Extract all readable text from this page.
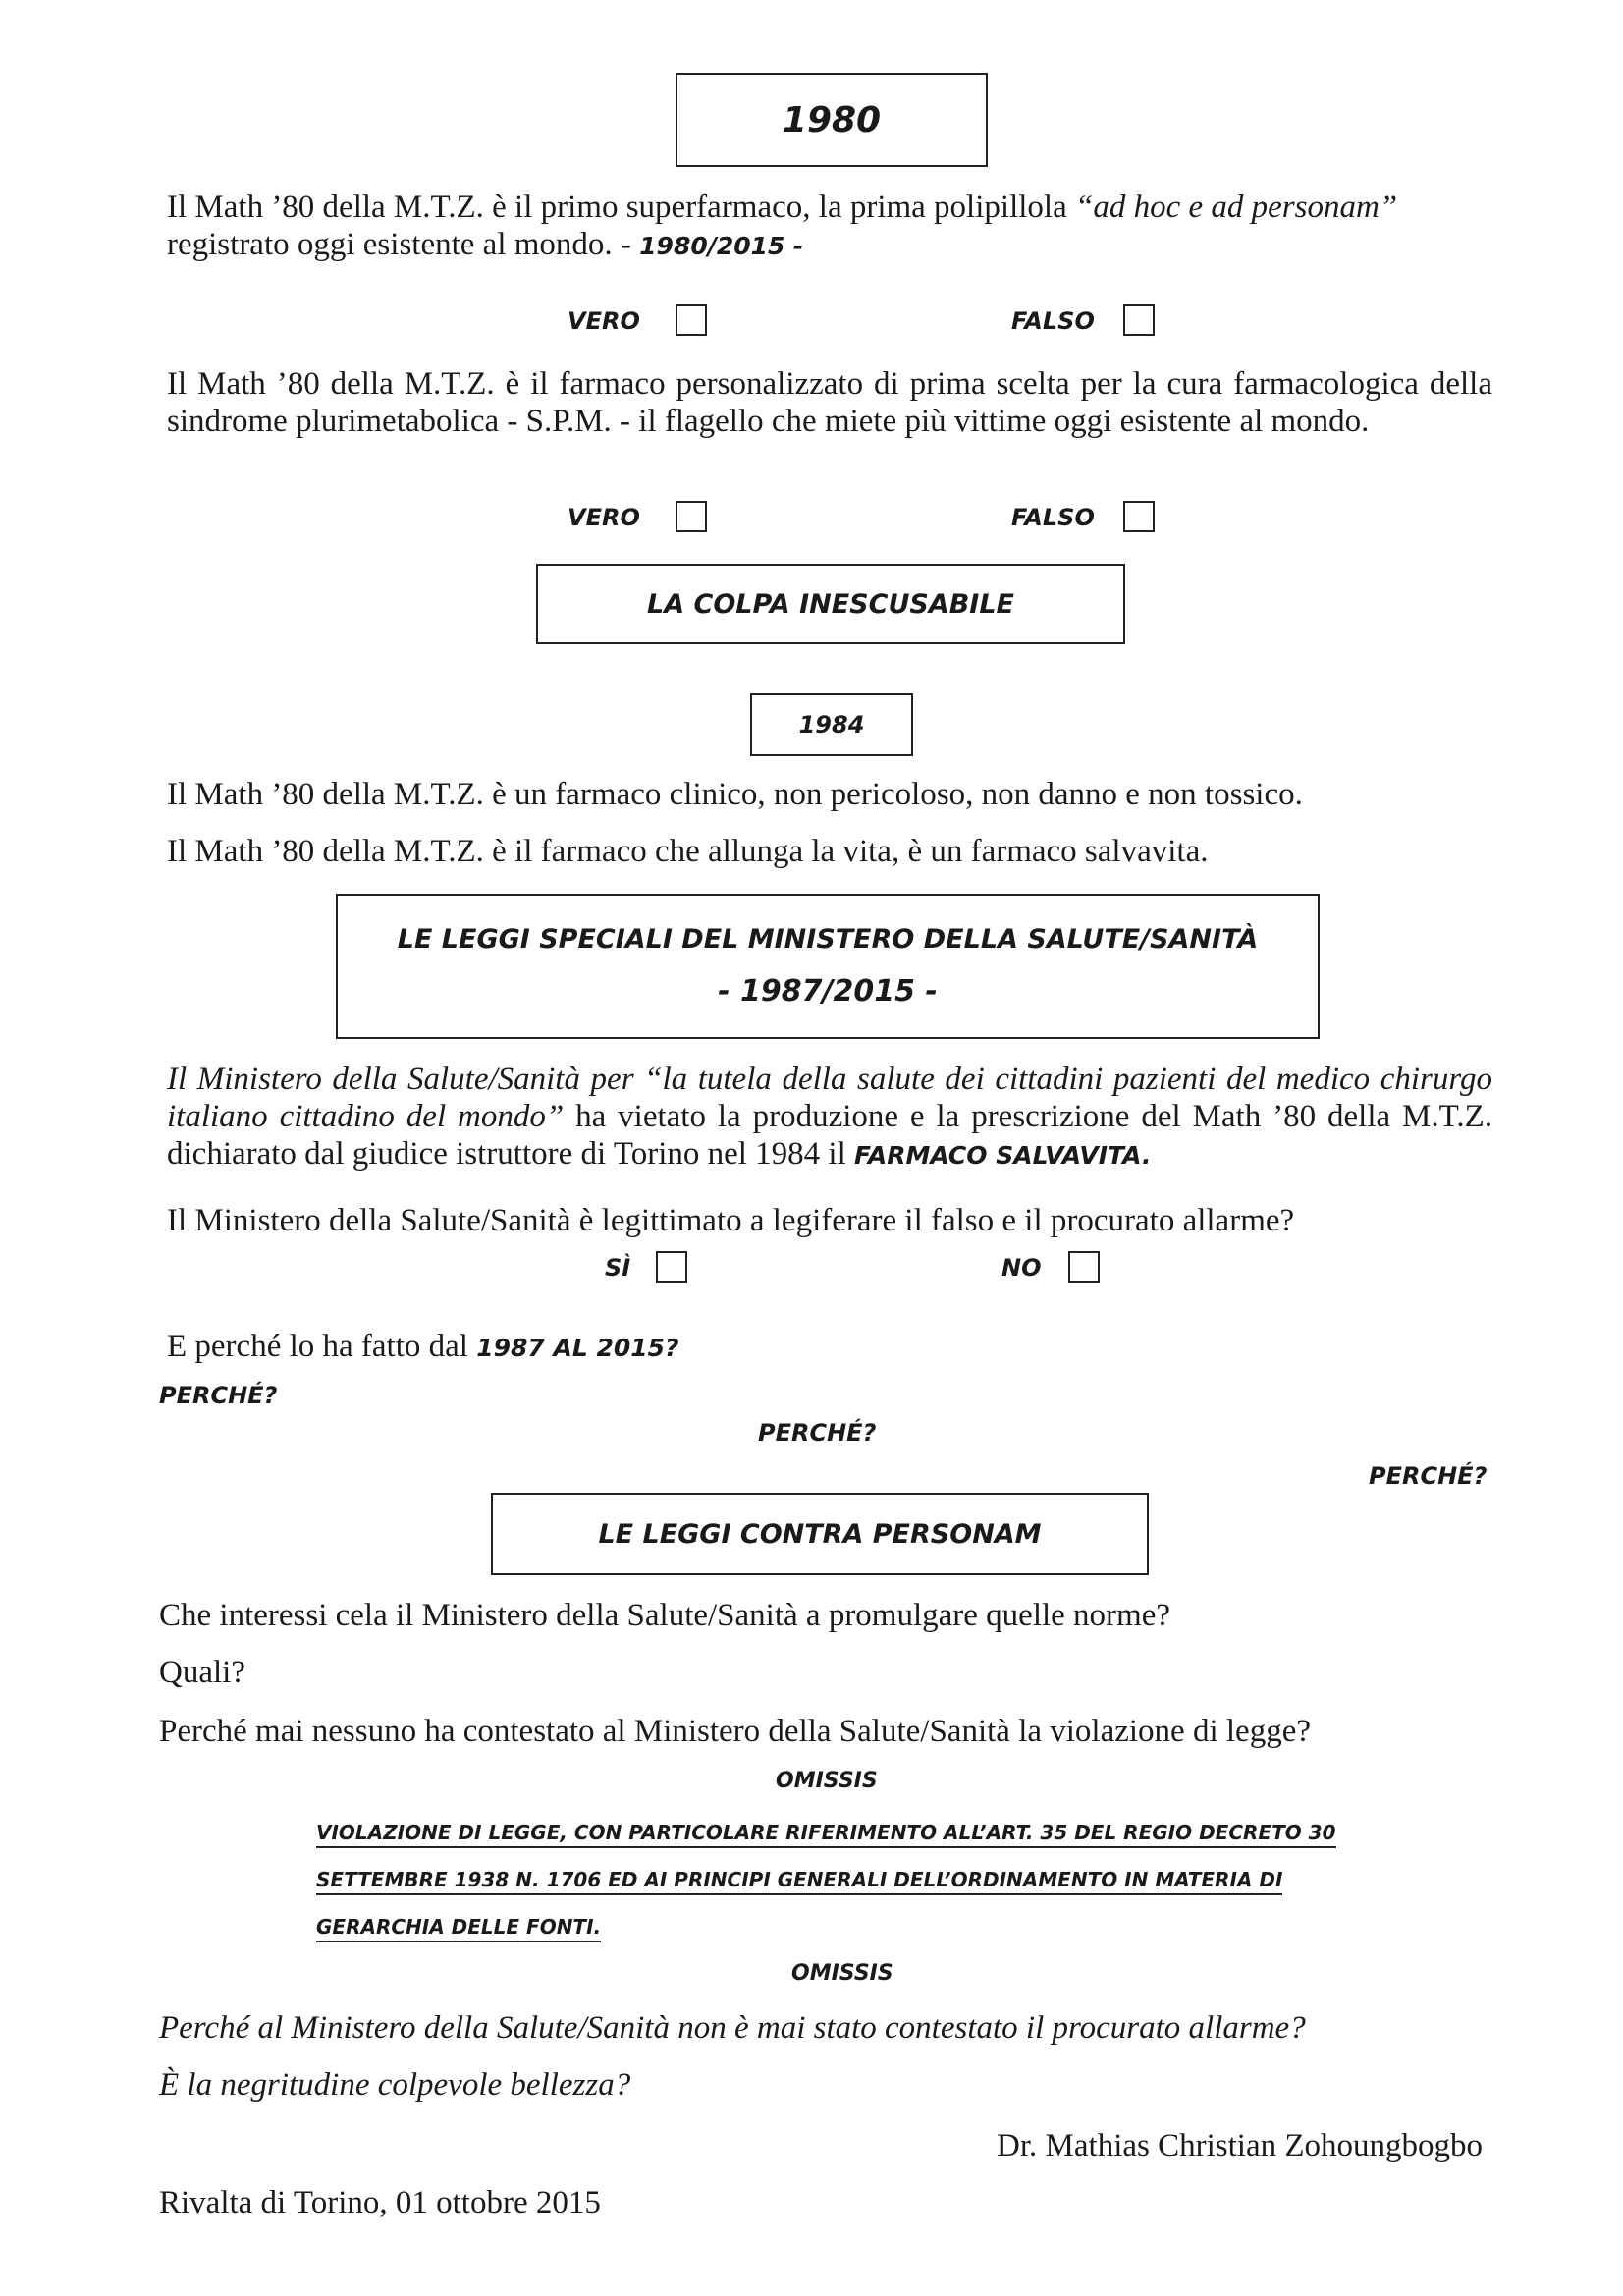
1980
Il Math ’80 della M.T.Z. è il primo superfarmaco, la prima polipillola “ad hoc e ad personam”
registrato oggi esistente al mondo. - 1980/2015 -
VERO	FALSO
Il Math ’80 della M.T.Z. è il farmaco personalizzato di prima scelta per la cura farmacologica della sindrome plurimetabolica - S.P.M. - il flagello che miete più vittime oggi esistente al mondo.
VERO	FALSO
LA COLPA INESCUSABILE
1984
Il Math ’80 della M.T.Z. è un farmaco clinico, non pericoloso, non danno e non tossico.
Il Math ’80 della M.T.Z. è il farmaco che allunga la vita, è un farmaco salvavita.
LE LEGGI SPECIALI DEL MINISTERO DELLA SALUTE/SANITÀ
- 1987/2015 -
Il Ministero della Salute/Sanità per “la tutela della salute dei cittadini pazienti del medico chirurgo italiano cittadino del mondo” ha vietato la produzione e la prescrizione del Math ’80 della M.T.Z. dichiarato dal giudice istruttore di Torino nel 1984 il FARMACO SALVAVITA.
Il Ministero della Salute/Sanità è legittimato a legiferare il falso e il procurato allarme?
SÌ	NO
E perché lo ha fatto dal 1987 AL 2015?
PERCHÉ?
PERCHÉ?
PERCHÉ?
LE LEGGI CONTRA PERSONAM
Che interessi cela il Ministero della Salute/Sanità a promulgare quelle norme?
Quali?
Perché mai nessuno ha contestato al Ministero della Salute/Sanità la violazione di legge?
OMISSIS
VIOLAZIONE DI LEGGE, CON PARTICOLARE RIFERIMENTO ALL’ART. 35 DEL REGIO DECRETO 30
SETTEMBRE 1938 N. 1706 ED AI PRINCIPI GENERALI DELL’ORDINAMENTO IN MATERIA DI
GERARCHIA DELLE FONTI.
OMISSIS
Perché al Ministero della Salute/Sanità non è mai stato contestato il procurato allarme?
È la negritudine colpevole bellezza?
Dr. Mathias Christian Zohoungbogbo
Rivalta di Torino, 01 ottobre 2015
